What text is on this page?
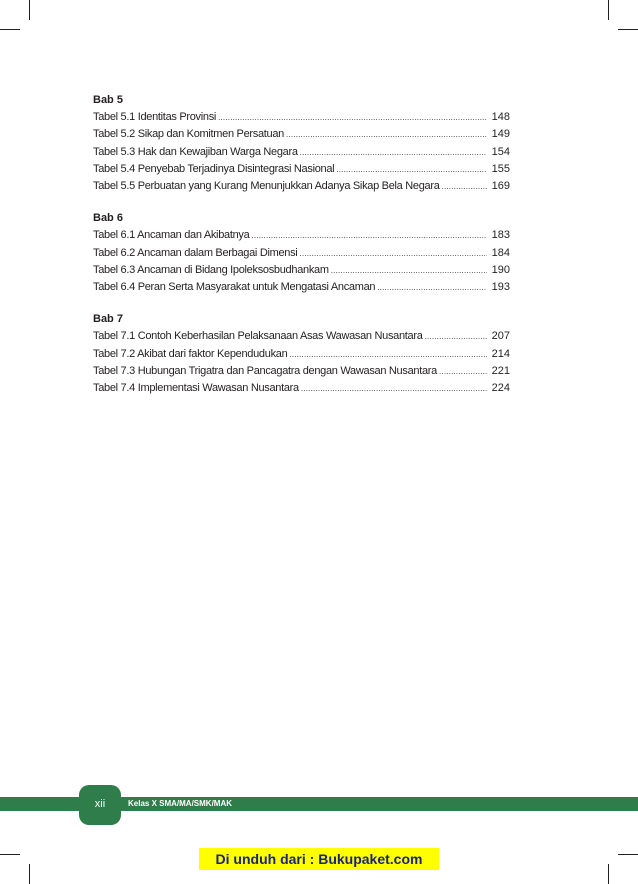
Bab 5
Tabel 5.1 Identitas Provinsi .....	148
Tabel 5.2 Sikap dan Komitmen Persatuan .....	149
Tabel 5.3 Hak dan Kewajiban Warga Negara .....	154
Tabel 5.4 Penyebab Terjadinya Disintegrasi Nasional .....	155
Tabel 5.5 Perbuatan yang Kurang Menunjukkan Adanya Sikap Bela Negara .....	169
Bab 6
Tabel 6.1 Ancaman dan Akibatnya .....	183
Tabel 6.2 Ancaman dalam Berbagai Dimensi .....	184
Tabel 6.3 Ancaman di Bidang Ipoleksosbudhankam .....	190
Tabel 6.4 Peran Serta Masyarakat untuk Mengatasi Ancaman .....	193
Bab 7
Tabel 7.1 Contoh Keberhasilan Pelaksanaan Asas Wawasan Nusantara .....	207
Tabel 7.2 Akibat dari faktor Kependudukan .....	214
Tabel 7.3 Hubungan Trigatra dan Pancagatra dengan Wawasan Nusantara .....	221
Tabel 7.4 Implementasi Wawasan Nusantara .....	224
xii	Kelas X SMA/MA/SMK/MAK
Di unduh dari : Bukupaket.com
